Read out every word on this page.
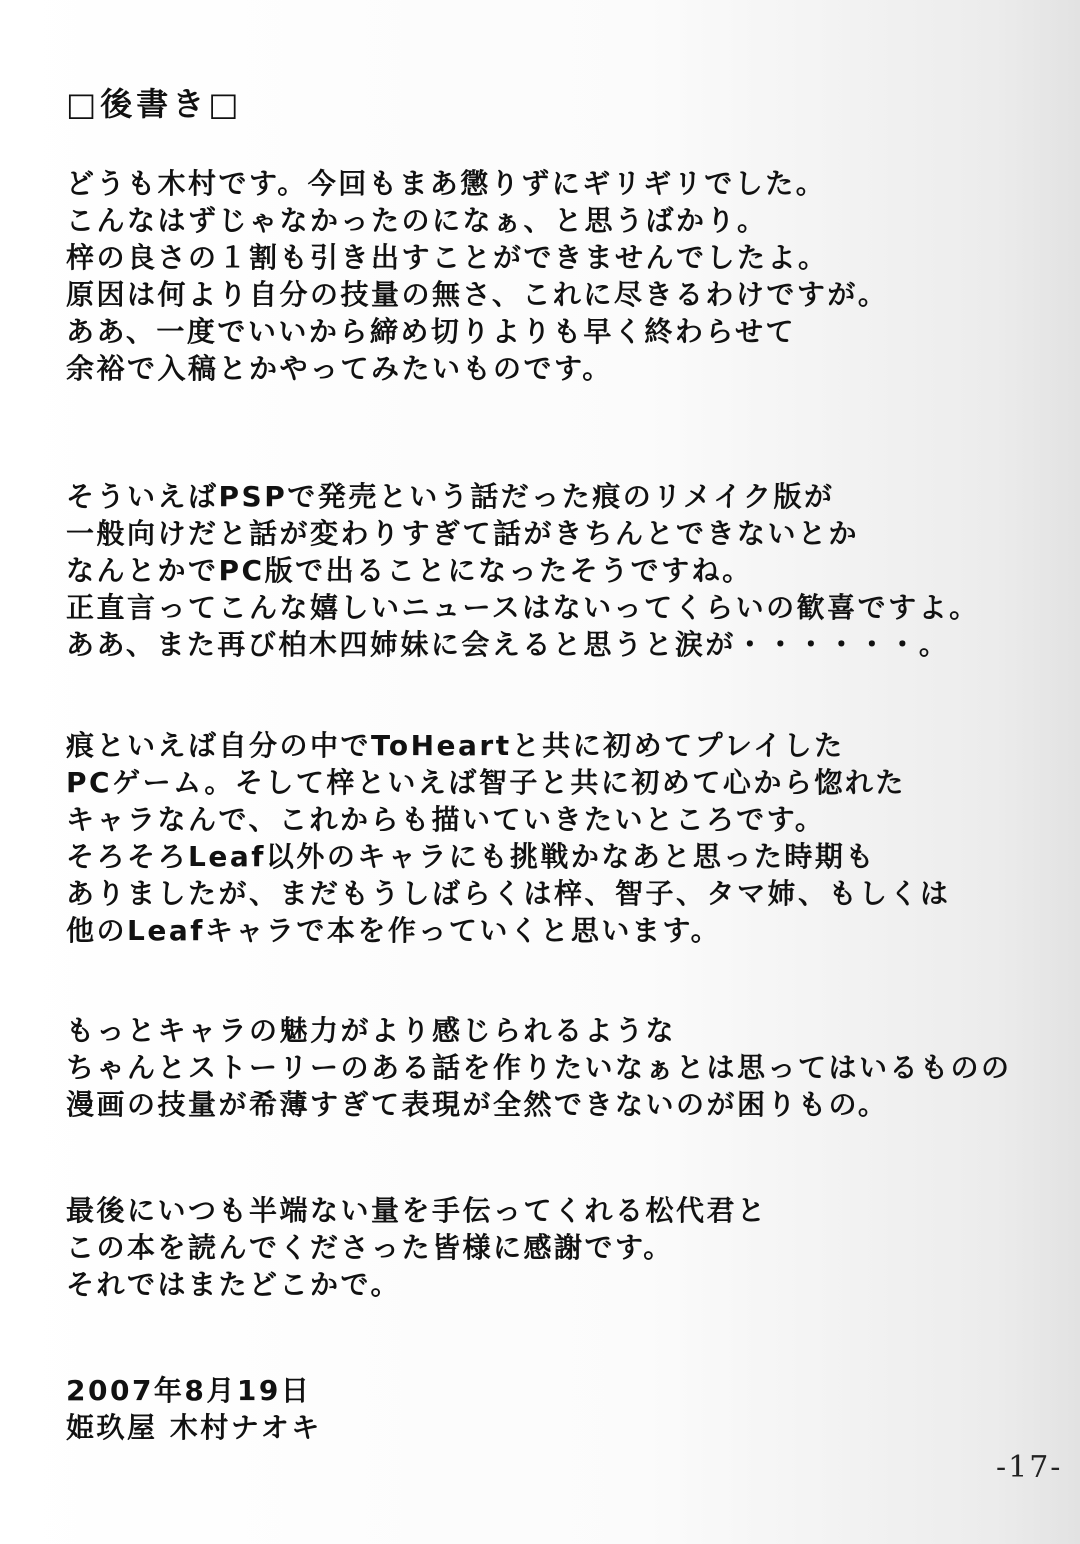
□後書き□
どうも木村です。今回もまあ懲りずにギリギリでした。
こんなはずじゃなかったのになぁ、と思うばかり。
梓の良さの１割も引き出すことができませんでしたよ。
原因は何より自分の技量の無さ、これに尽きるわけですが。
ああ、一度でいいから締め切りよりも早く終わらせて
余裕で入稿とかやってみたいものです。
そういえばPSPで発売という話だった痕のリメイク版が
一般向けだと話が変わりすぎて話がきちんとできないとか
なんとかでPC版で出ることになったそうですね。
正直言ってこんな嬉しいニュースはないってくらいの歓喜ですよ。
ああ、また再び柏木四姉妹に会えると思うと涙が・・・・・・。
痕といえば自分の中でToHeartと共に初めてプレイした
PCゲーム。そして梓といえば智子と共に初めて心から惚れた
キャラなんで、これからも描いていきたいところです。
そろそろLeaf以外のキャラにも挑戦かなあと思った時期も
ありましたが、まだもうしばらくは梓、智子、タマ姉、もしくは
他のLeafキャラで本を作っていくと思います。
もっとキャラの魅力がより感じられるような
ちゃんとストーリーのある話を作りたいなぁとは思ってはいるものの
漫画の技量が希薄すぎて表現が全然できないのが困りもの。
最後にいつも半端ない量を手伝ってくれる松代君と
この本を読んでくださった皆様に感謝です。
それではまたどこかで。
2007年8月19日
姫玖屋 木村ナオキ
-17-
